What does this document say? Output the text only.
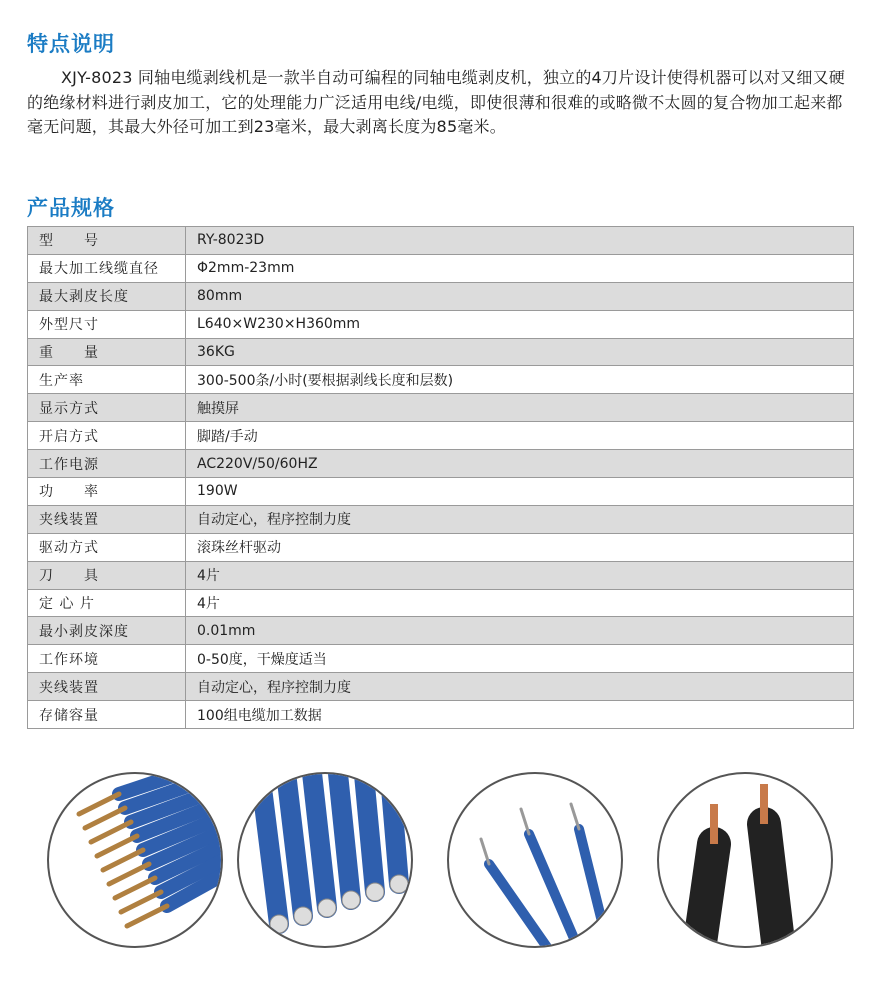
特点说明
XJY-8023 同轴电缆剥线机是一款半自动可编程的同轴电缆剥皮机，独立的4刀片设计使得机器可以对又细又硬的绝缘材料进行剥皮加工，它的处理能力广泛适用电线/电缆，即使很薄和很难的或略微不太圆的复合物加工起来都毫无问题，其最大外径可加工到23毫米，最大剥离长度为85毫米。
产品规格
型　　号	RY-8023D
最大加工线缆直径	Φ2mm-23mm
最大剥皮长度	80mm
外型尺寸	L640×W230×H360mm
重　　量	36KG
生产率	300-500条/小时(要根据剥线长度和层数)
显示方式	触摸屏
开启方式	脚踏/手动
工作电源	AC220V/50/60HZ
功　　率	190W
夹线装置	自动定心，程序控制力度
驱动方式	滚珠丝杆驱动
刀　　具	4片
定 心 片	4片
最小剥皮深度	0.01mm
工作环境	0-50度，干燥度适当
夹线装置	自动定心，程序控制力度
存储容量	100组电缆加工数据
